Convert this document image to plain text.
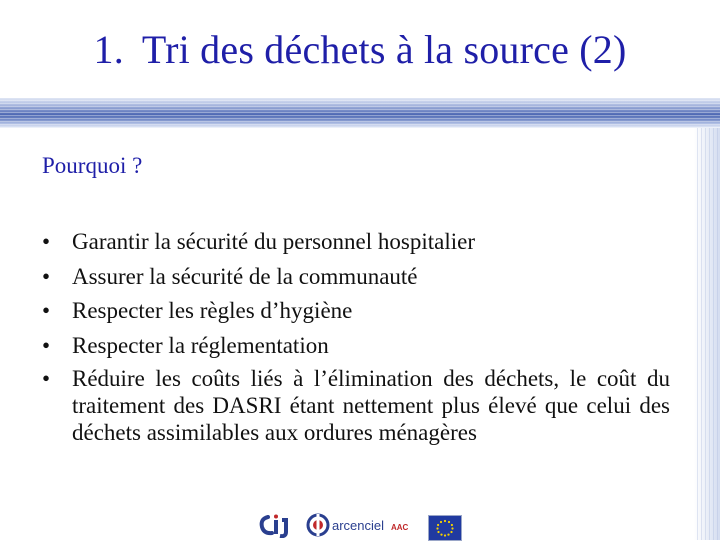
1. Tri des déchets à la source (2)
Pourquoi ?
• Garantir la sécurité du personnel hospitalier
• Assurer la sécurité de la communauté
• Respecter les règles d’hygiène
• Respecter la réglementation
• Réduire les coûts liés à l’élimination des déchets, le coût du traitement des DASRI étant nettement plus élevé que celui des déchets assimilables aux ordures ménagères
arcenciel AAC
